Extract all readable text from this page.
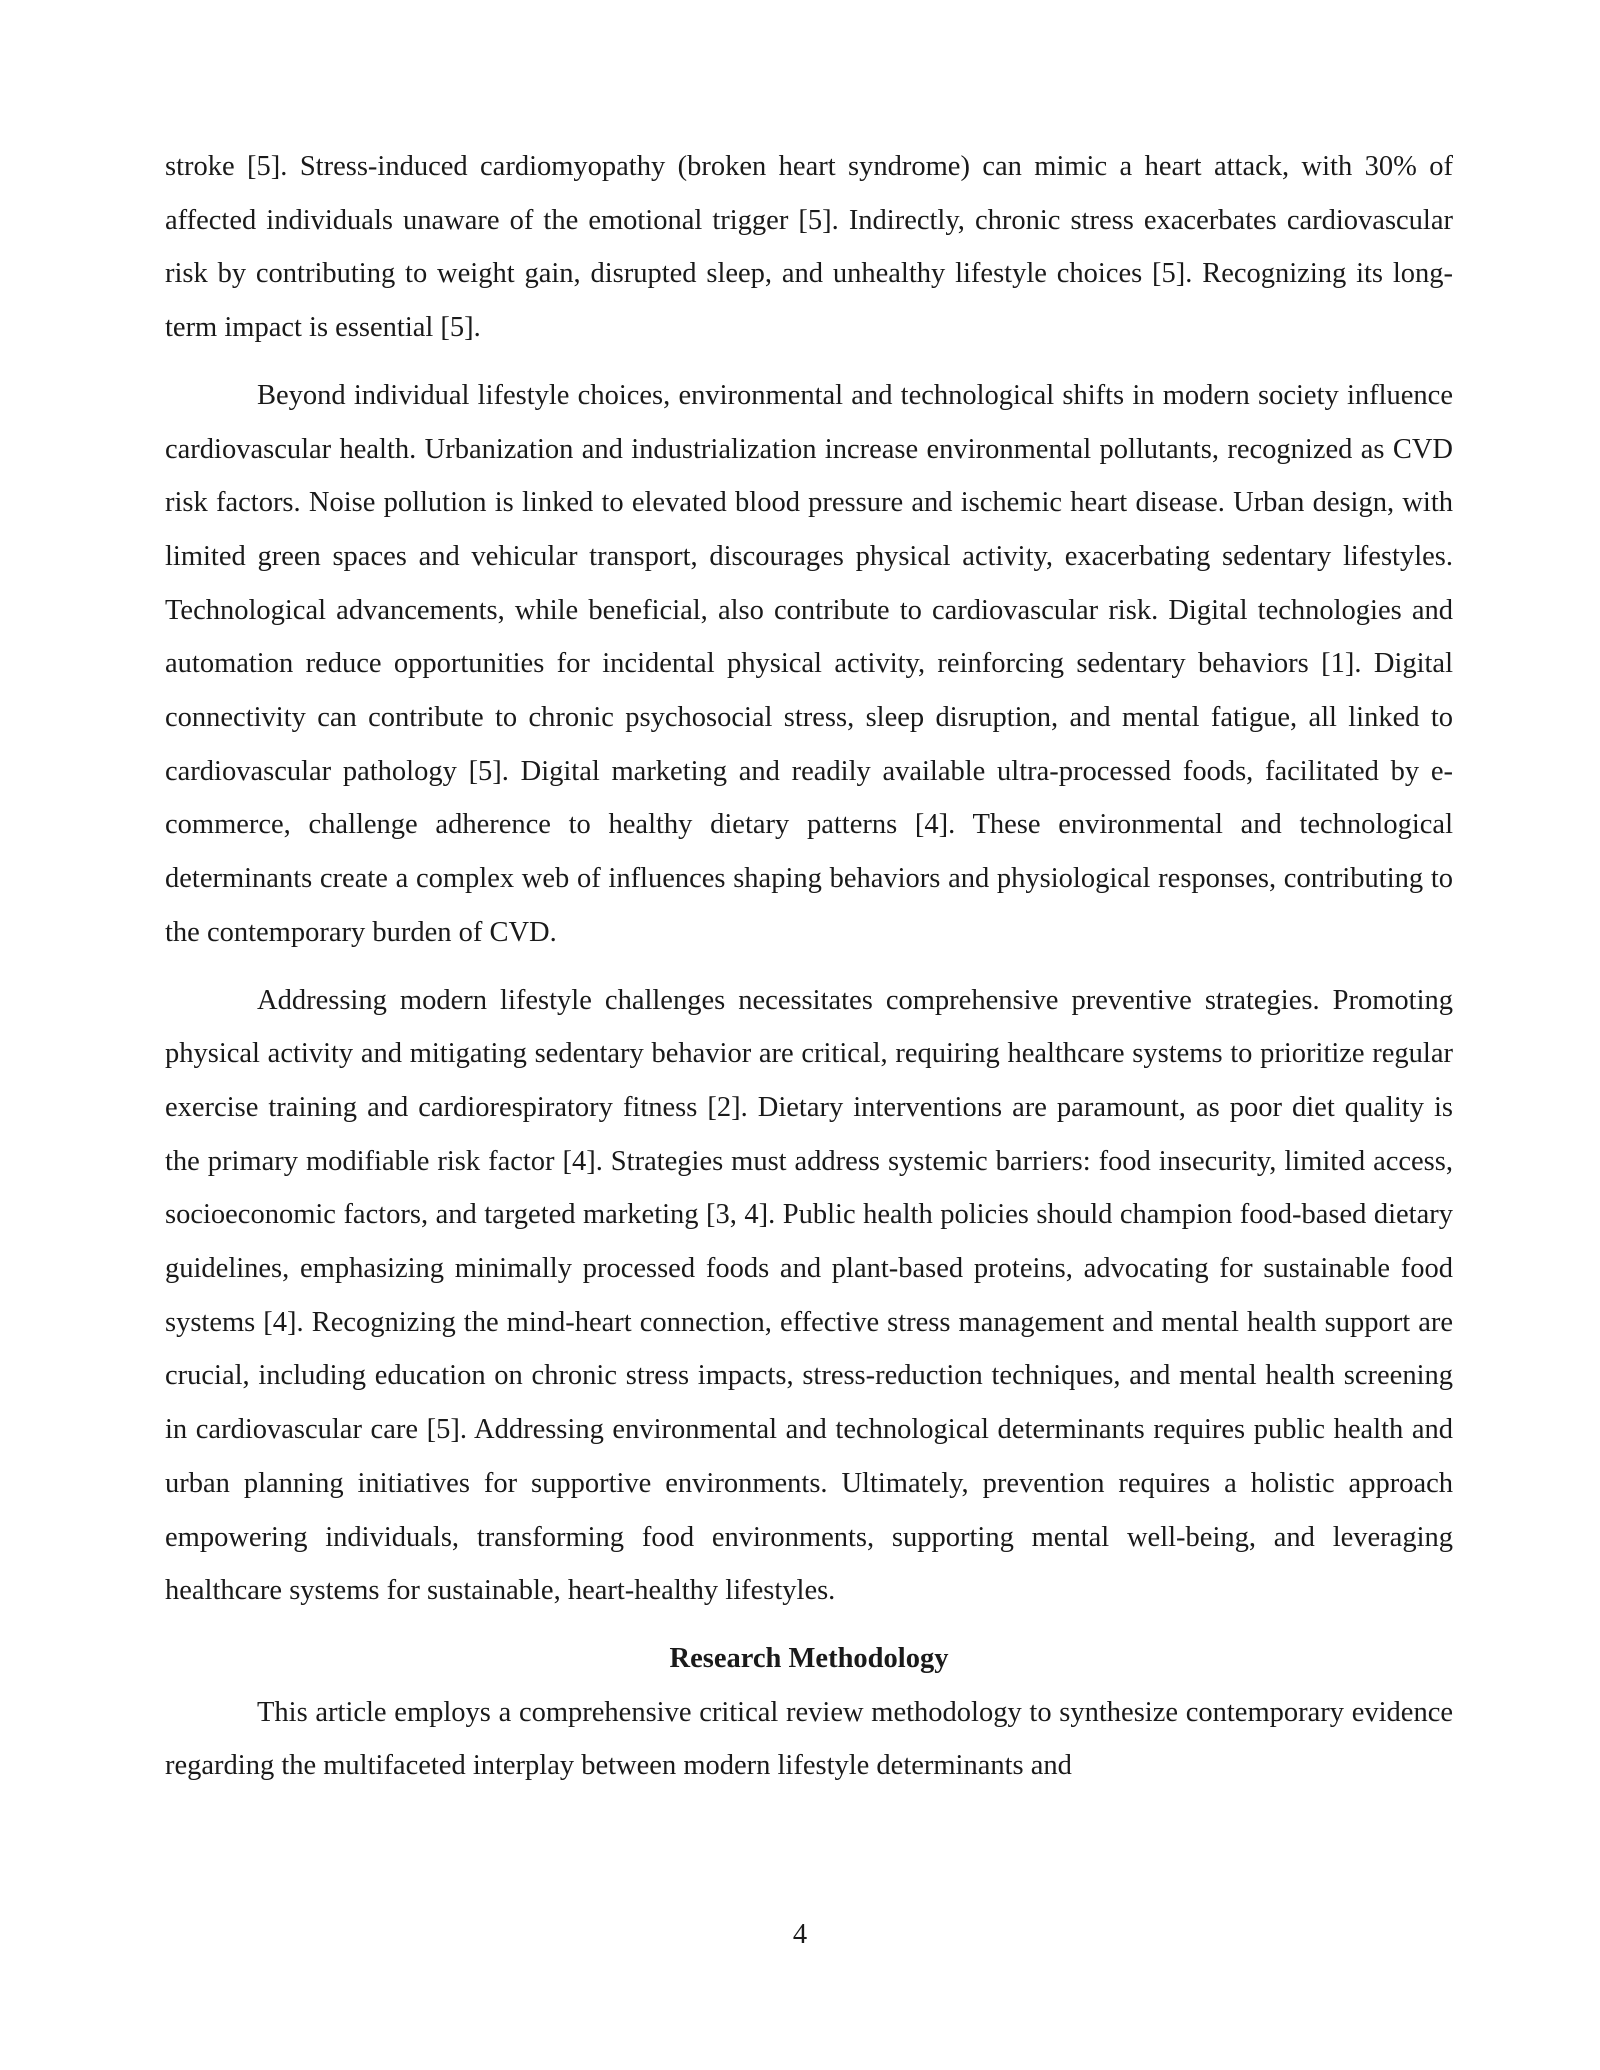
stroke [5]. Stress-induced cardiomyopathy (broken heart syndrome) can mimic a heart attack, with 30% of affected individuals unaware of the emotional trigger [5]. Indirectly, chronic stress exacerbates cardiovascular risk by contributing to weight gain, disrupted sleep, and unhealthy lifestyle choices [5]. Recognizing its long-term impact is essential [5].

Beyond individual lifestyle choices, environmental and technological shifts in modern society influence cardiovascular health. Urbanization and industrialization increase environmental pollutants, recognized as CVD risk factors. Noise pollution is linked to elevated blood pressure and ischemic heart disease. Urban design, with limited green spaces and vehicular transport, discourages physical activity, exacerbating sedentary lifestyles. Technological advancements, while beneficial, also contribute to cardiovascular risk. Digital technologies and automation reduce opportunities for incidental physical activity, reinforcing sedentary behaviors [1]. Digital connectivity can contribute to chronic psychosocial stress, sleep disruption, and mental fatigue, all linked to cardiovascular pathology [5]. Digital marketing and readily available ultra-processed foods, facilitated by e-commerce, challenge adherence to healthy dietary patterns [4]. These environmental and technological determinants create a complex web of influences shaping behaviors and physiological responses, contributing to the contemporary burden of CVD.

Addressing modern lifestyle challenges necessitates comprehensive preventive strategies. Promoting physical activity and mitigating sedentary behavior are critical, requiring healthcare systems to prioritize regular exercise training and cardiorespiratory fitness [2]. Dietary interventions are paramount, as poor diet quality is the primary modifiable risk factor [4]. Strategies must address systemic barriers: food insecurity, limited access, socioeconomic factors, and targeted marketing [3, 4]. Public health policies should champion food-based dietary guidelines, emphasizing minimally processed foods and plant-based proteins, advocating for sustainable food systems [4]. Recognizing the mind-heart connection, effective stress management and mental health support are crucial, including education on chronic stress impacts, stress-reduction techniques, and mental health screening in cardiovascular care [5]. Addressing environmental and technological determinants requires public health and urban planning initiatives for supportive environments. Ultimately, prevention requires a holistic approach empowering individuals, transforming food environments, supporting mental well-being, and leveraging healthcare systems for sustainable, heart-healthy lifestyles.

Research Methodology

This article employs a comprehensive critical review methodology to synthesize contemporary evidence regarding the multifaceted interplay between modern lifestyle determinants and

4
